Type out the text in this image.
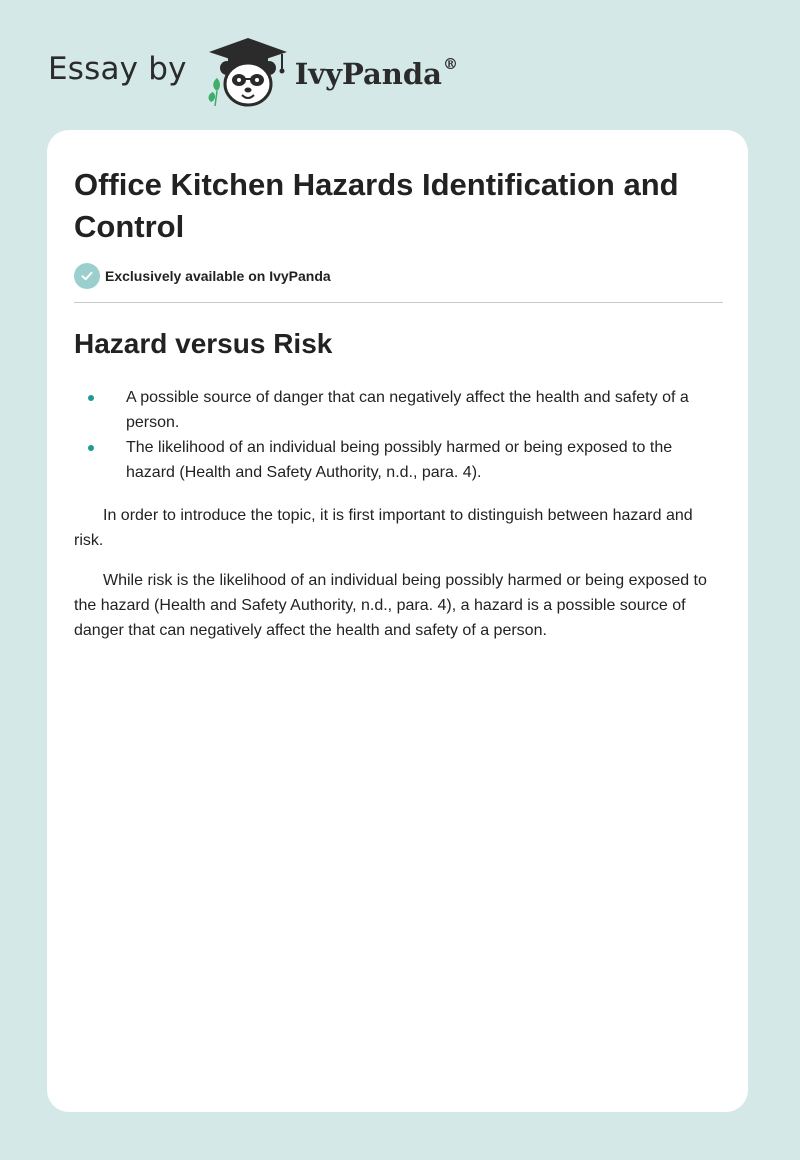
Essay by	IvyPanda®
Office Kitchen Hazards Identification and Control
Exclusively available on IvyPanda
Hazard versus Risk
A possible source of danger that can negatively affect the health and safety of a person.
The likelihood of an individual being possibly harmed or being exposed to the hazard (Health and Safety Authority, n.d., para. 4).

In order to introduce the topic, it is first important to distinguish between hazard and risk.

While risk is the likelihood of an individual being possibly harmed or being exposed to the hazard (Health and Safety Authority, n.d., para. 4), a hazard is a possible source of danger that can negatively affect the health and safety of a person.
